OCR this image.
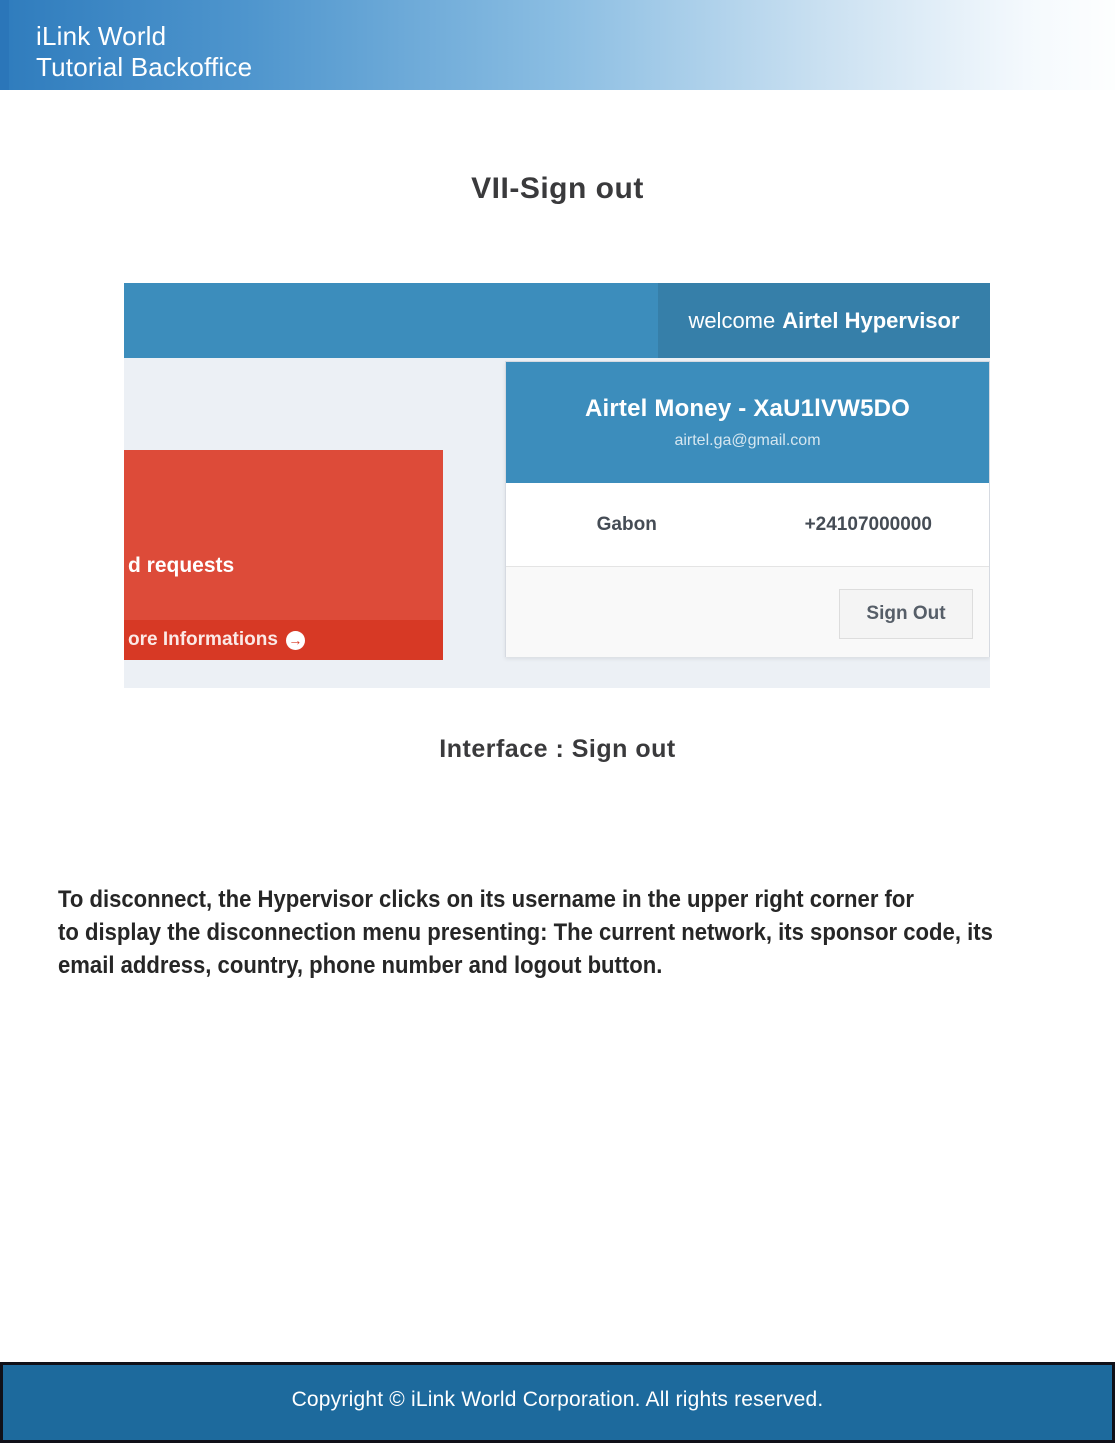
iLink World
Tutorial Backoffice
VII-Sign out
welcome Airtel Hypervisor
Airtel Money - XaU1lVW5DO
airtel.ga@gmail.com
Gabon	+24107000000
Sign Out
d requests
ore Informations →
Interface : Sign out
To disconnect, the Hypervisor clicks on its username in the upper right corner for
to display the disconnection menu presenting: The current network, its sponsor code, its
email address, country, phone number and logout button.
Copyright © iLink World Corporation. All rights reserved.
